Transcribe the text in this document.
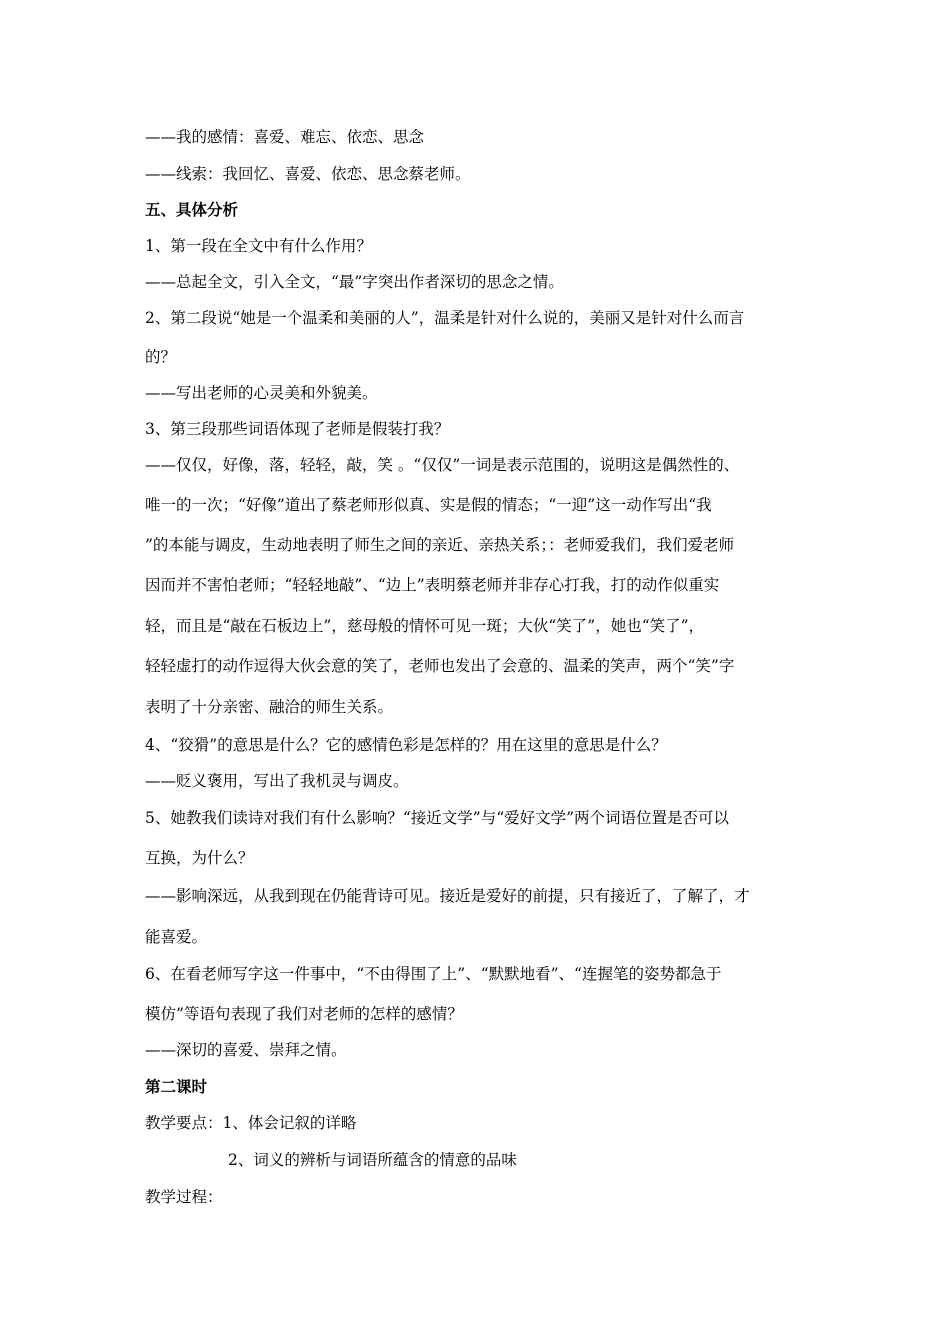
——我的感情：喜爱、难忘、依恋、思念
——线索：我回忆、喜爱、依恋、思念蔡老师。
五、具体分析
1、第一段在全文中有什么作用？
——总起全文，引入全文，“最”字突出作者深切的思念之情。
2、第二段说“她是一个温柔和美丽的人”，温柔是针对什么说的，美丽又是针对什么而言
的？
——写出老师的心灵美和外貌美。
3、第三段那些词语体现了老师是假装打我？
——仅仅，好像，落，轻轻，敲，笑 。“仅仅”一词是表示范围的，说明这是偶然性的、
唯一的一次；“好像”道出了蔡老师形似真、实是假的情态；“一迎”这一动作写出“我
”的本能与调皮，生动地表明了师生之间的亲近、亲热关系；：老师爱我们，我们爱老师
因而并不害怕老师；“轻轻地敲”、“边上”表明蔡老师并非存心打我，打的动作似重实
轻，而且是“敲在石板边上”，慈母般的情怀可见一斑；大伙“笑了”，她也“笑了”，
轻轻虚打的动作逗得大伙会意的笑了，老师也发出了会意的、温柔的笑声，两个“笑”字
表明了十分亲密、融洽的师生关系。
4、“狡猾”的意思是什么？它的感情色彩是怎样的？用在这里的意思是什么？
——贬义褒用，写出了我机灵与调皮。
5、她教我们读诗对我们有什么影响？“接近文学”与“爱好文学”两个词语位置是否可以
互换，为什么？
——影响深远，从我到现在仍能背诗可见。接近是爱好的前提，只有接近了，了解了，才
能喜爱。
6、在看老师写字这一件事中，“不由得围了上”、“默默地看”、“连握笔的姿势都急于
模仿”等语句表现了我们对老师的怎样的感情？
——深切的喜爱、崇拜之情。
第二课时
教学要点：1、体会记叙的详略
2、词义的辨析与词语所蕴含的情意的品味
教学过程：
